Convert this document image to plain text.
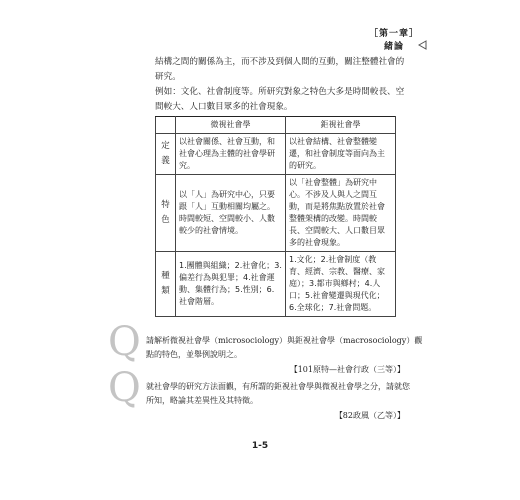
［第一章］
緒論
結構之間的關係為主，而不涉及到個人間的互動，關注整體社會的
研究。
例如：文化、社會制度等。所研究對象之特色大多是時間較長、空
間較大、人口數目眾多的社會現象。
	微視社會學	鉅視社會學
定義	以社會關係、社會互動，和社會心理為主體的社會學研究。	以社會結構、社會整體變遷，和社會制度等面向為主的研究。
特色	以「人」為研究中心，只要跟「人」互動相關均屬之。時間較短、空間較小、人數較少的社會情境。	以「社會整體」為研究中心。不涉及人與人之間互動，而是將焦點放置於社會整體架構的改變。時間較長、空間較大、人口數目眾多的社會現象。
種類	1.團體與組織；2.社會化；3.偏差行為與犯罪；4.社會運動、集體行為；5.性別；6.社會階層。	1.文化；2.社會制度（教育、經濟、宗教、醫療、家庭）；3.都市與鄉村；4.人口；5.社會變遷與現代化；6.全球化；7.社會問題。
Q 請解析微視社會學（microsociology）與鉅視社會學（macrosociology）觀
點的特色，並舉例說明之。
【101原特—社會行政（三等）】
Q 就社會學的研究方法面觀，有所謂的鉅視社會學與微視社會學之分，請就您
所知，略論其差異性及其特徵。
【82政風（乙等）】
1-5
